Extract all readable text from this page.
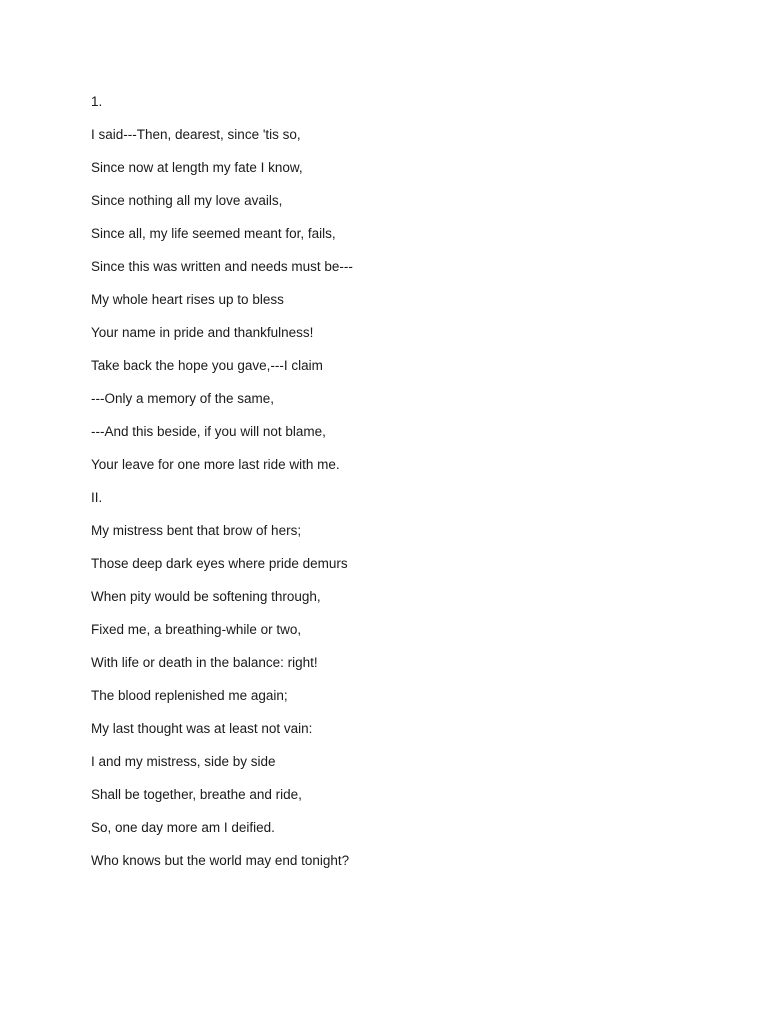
1.

I said---Then, dearest, since 'tis so,

Since now at length my fate I know,

Since nothing all my love avails,

Since all, my life seemed meant for, fails,

Since this was written and needs must be---

My whole heart rises up to bless

Your name in pride and thankfulness!

Take back the hope you gave,---I claim

---Only a memory of the same,

---And this beside, if you will not blame,

Your leave for one more last ride with me.

II.

My mistress bent that brow of hers;

Those deep dark eyes where pride demurs

When pity would be softening through,

Fixed me, a breathing-while or two,

With life or death in the balance: right!

The blood replenished me again;

My last thought was at least not vain:

I and my mistress, side by side

Shall be together, breathe and ride,

So, one day more am I deified.

Who knows but the world may end tonight?
